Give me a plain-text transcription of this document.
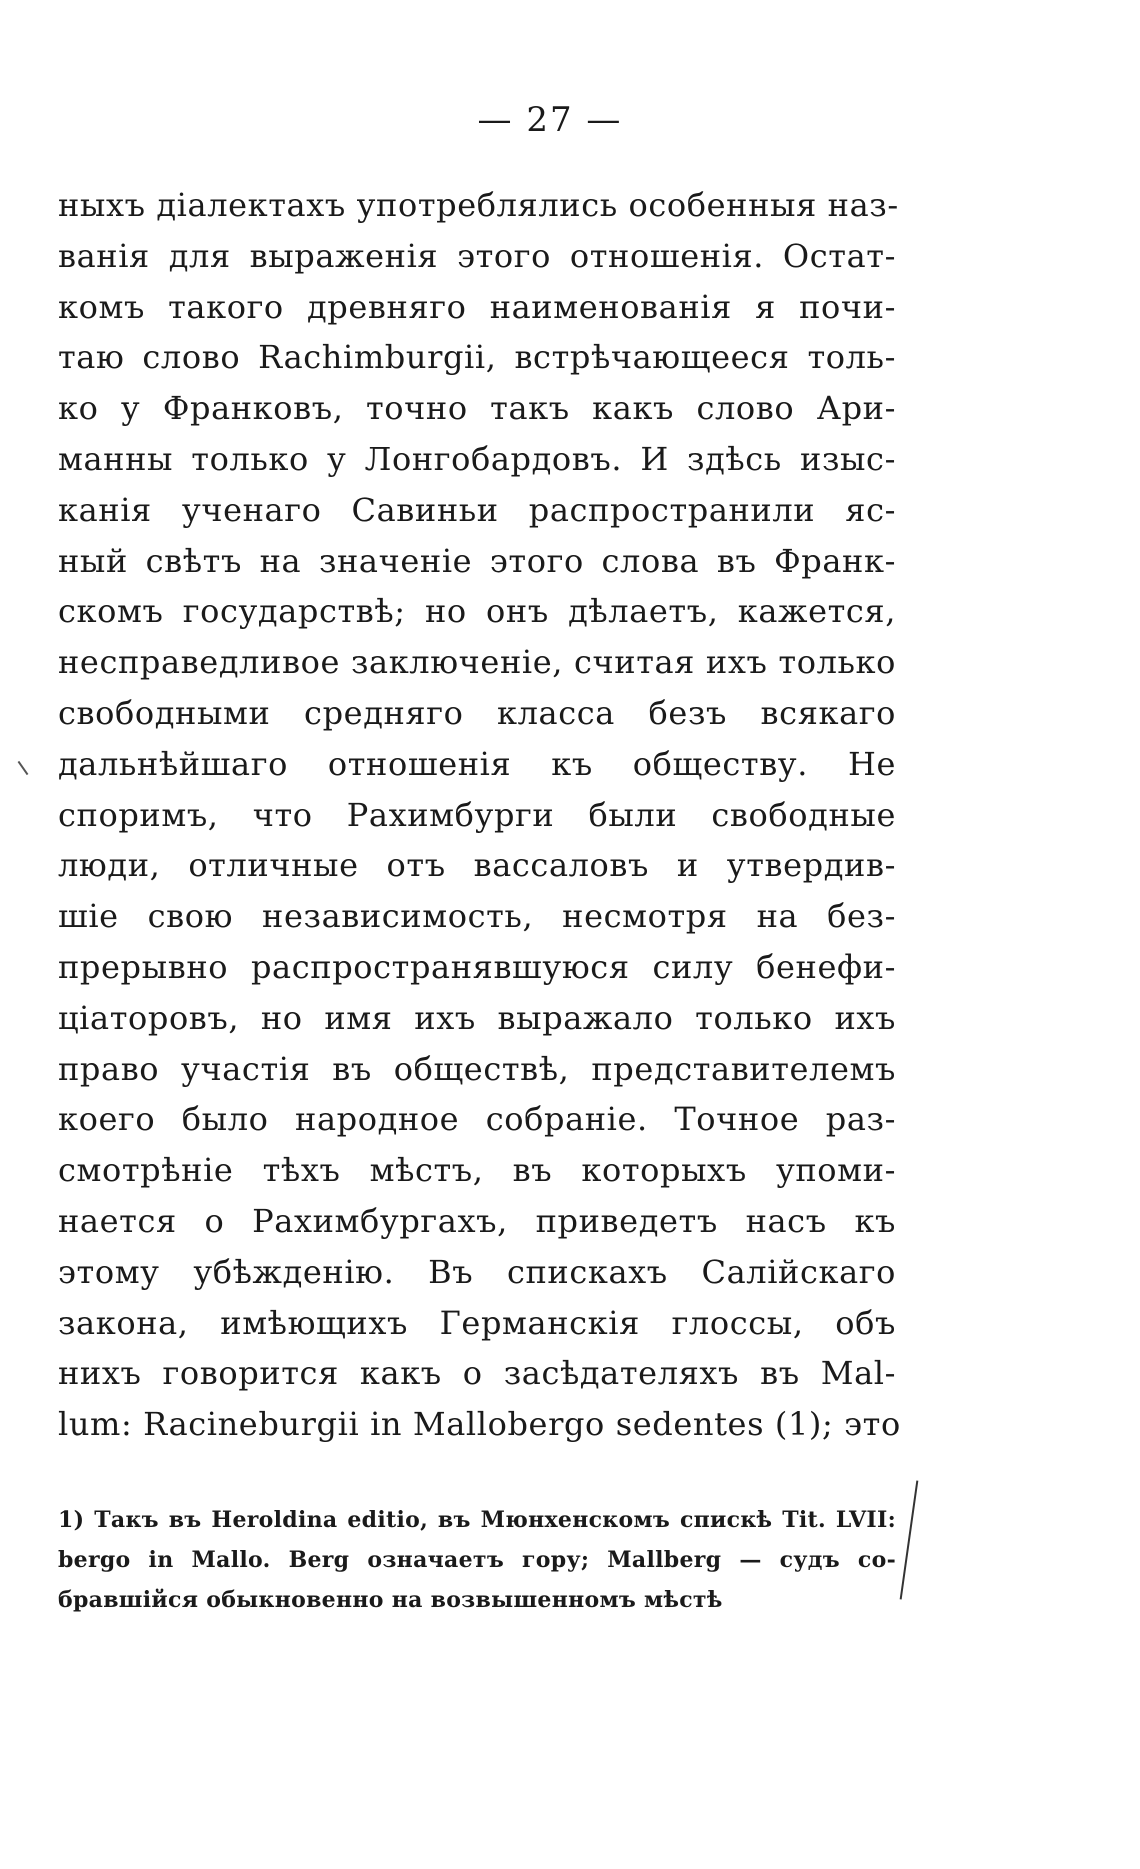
— 27 —
ныхъ діалектахъ употреблялись особенныя наз-
ванія для выраженія этого отношенія. Остат-
комъ такого древняго наименованія я почи-
таю слово Rachimburgii, встрѣчающееся толь-
ко у Франковъ, точно такъ какъ слово Ари-
манны только у Лонгобардовъ. И здѣсь изыс-
канія ученаго Савиньи распространили яс-
ный свѣтъ на значеніе этого слова въ Франк-
скомъ государствѣ; но онъ дѣлаетъ, кажется,
несправедливое заключеніе, считая ихъ только
свободными средняго класса безъ всякаго
дальнѣйшаго отношенія къ обществу. Не
споримъ, что Рахимбурги были свободные
люди, отличные отъ вассаловъ и утвердив-
шіе свою независимость, несмотря на без-
прерывно распространявшуюся силу бенефи-
ціаторовъ, но имя ихъ выражало только ихъ
право участія въ обществѣ, представителемъ
коего было народное собраніе. Точное раз-
смотрѣніе тѣхъ мѣстъ, въ которыхъ упоми-
нается о Рахимбургахъ, приведетъ насъ къ
этому убѣжденію. Въ спискахъ Салійскаго
закона, имѣющихъ Германскія глоссы, объ
нихъ говорится какъ о засѣдателяхъ въ Mal-
lum: Racineburgii in Mallobergo sedentes (1); это
1) Такъ въ Heroldina editio, въ Мюнхенскомъ спискѣ Tit. LVII:
bergo in Mallo. Berg означаетъ гору; Mallberg — судъ со-
бравшійся обыкновенно на возвышенномъ мѣстѣ
